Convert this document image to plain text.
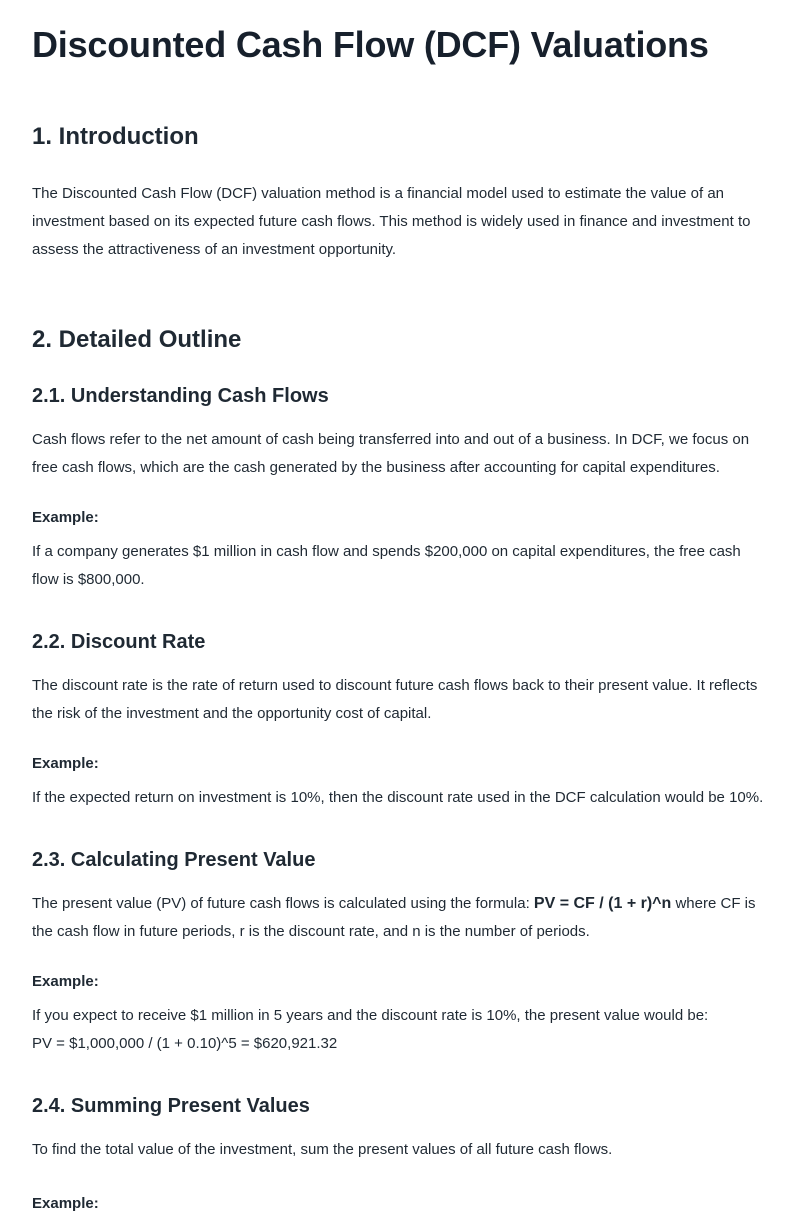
Discounted Cash Flow (DCF) Valuations
1. Introduction

The Discounted Cash Flow (DCF) valuation method is a financial model used to estimate the value of an investment based on its expected future cash flows. This method is widely used in finance and investment to assess the attractiveness of an investment opportunity.

2. Detailed Outline
2.1. Understanding Cash Flows

Cash flows refer to the net amount of cash being transferred into and out of a business. In DCF, we focus on free cash flows, which are the cash generated by the business after accounting for capital expenditures.

Example:

If a company generates $1 million in cash flow and spends $200,000 on capital expenditures, the free cash flow is $800,000.

2.2. Discount Rate

The discount rate is the rate of return used to discount future cash flows back to their present value. It reflects the risk of the investment and the opportunity cost of capital.

Example:

If the expected return on investment is 10%, then the discount rate used in the DCF calculation would be 10%.

2.3. Calculating Present Value

The present value (PV) of future cash flows is calculated using the formula: PV = CF / (1 + r)^n where CF is the cash flow in future periods, r is the discount rate, and n is the number of periods.

Example:

If you expect to receive $1 million in 5 years and the discount rate is 10%, the present value would be:
PV = $1,000,000 / (1 + 0.10)^5 = $620,921.32

2.4. Summing Present Values

To find the total value of the investment, sum the present values of all future cash flows.

Example:
